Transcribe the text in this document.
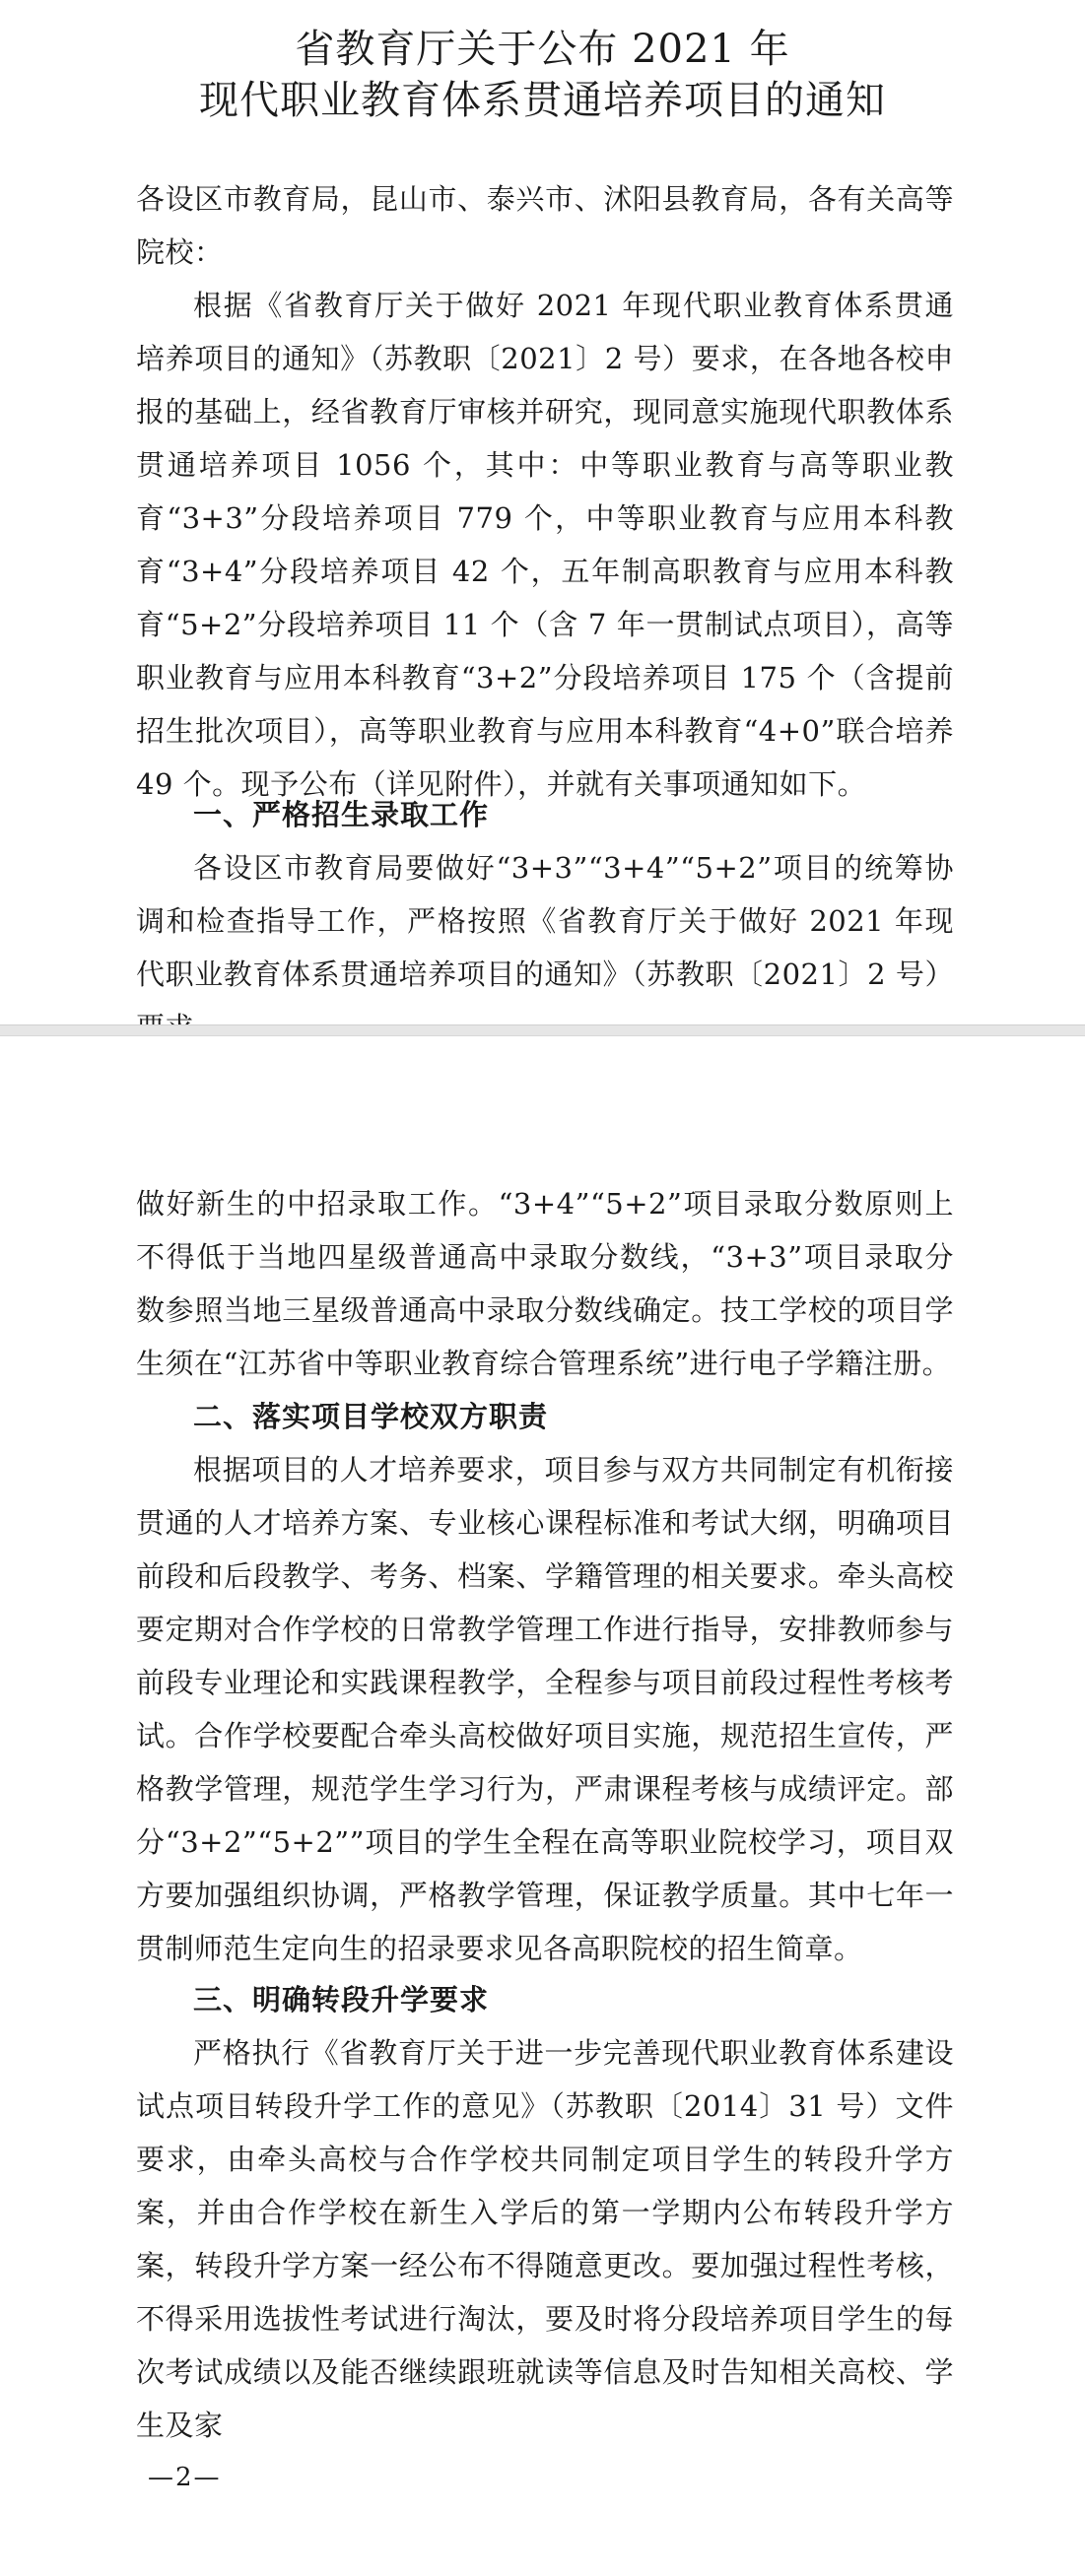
省教育厅关于公布 2021 年
现代职业教育体系贯通培养项目的通知
各设区市教育局，昆山市、泰兴市、沭阳县教育局，各有关高等院校：
根据《省教育厅关于做好 2021 年现代职业教育体系贯通培养项目的通知》（苏教职〔2021〕2 号）要求，在各地各校申报的基础上，经省教育厅审核并研究，现同意实施现代职教体系贯通培养项目 1056 个，其中：中等职业教育与高等职业教育“3+3”分段培养项目 779 个，中等职业教育与应用本科教育“3+4”分段培养项目 42 个，五年制高职教育与应用本科教育“5+2”分段培养项目 11 个（含 7 年一贯制试点项目），高等职业教育与应用本科教育“3+2”分段培养项目 175 个（含提前招生批次项目），高等职业教育与应用本科教育“4+0”联合培养 49 个。现予公布（详见附件），并就有关事项通知如下。
一、严格招生录取工作
各设区市教育局要做好“3+3”“3+4”“5+2”项目的统筹协调和检查指导工作，严格按照《省教育厅关于做好 2021 年现代职业教育体系贯通培养项目的通知》（苏教职〔2021〕2 号）
做好新生的中招录取工作。“3+4”“5+2”项目录取分数原则上不得低于当地四星级普通高中录取分数线，“3+3”项目录取分数参照当地三星级普通高中录取分数线确定。技工学校的项目学生须在“江苏省中等职业教育综合管理系统”进行电子学籍注册。
二、落实项目学校双方职责
根据项目的人才培养要求，项目参与双方共同制定有机衔接贯通的人才培养方案、专业核心课程标准和考试大纲，明确项目前段和后段教学、考务、档案、学籍管理的相关要求。牵头高校要定期对合作学校的日常教学管理工作进行指导，安排教师参与前段专业理论和实践课程教学，全程参与项目前段过程性考核考试。合作学校要配合牵头高校做好项目实施，规范招生宣传，严格教学管理，规范学生学习行为，严肃课程考核与成绩评定。部分“3+2”“5+2””项目的学生全程在高等职业院校学习，项目双方要加强组织协调，严格教学管理，保证教学质量。其中七年一贯制师范生定向生的招录要求见各高职院校的招生简章。
三、明确转段升学要求
严格执行《省教育厅关于进一步完善现代职业教育体系建设试点项目转段升学工作的意见》（苏教职〔2014〕31 号）文件要求，由牵头高校与合作学校共同制定项目学生的转段升学方案，并由合作学校在新生入学后的第一学期内公布转段升学方案，转段升学方案一经公布不得随意更改。要加强过程性考核，不得采用选拔性考试进行淘汰，要及时将分段培养项目学生的每次考试成绩以及能否继续跟班就读等信息及时告知相关高校、学生及家
—2—
